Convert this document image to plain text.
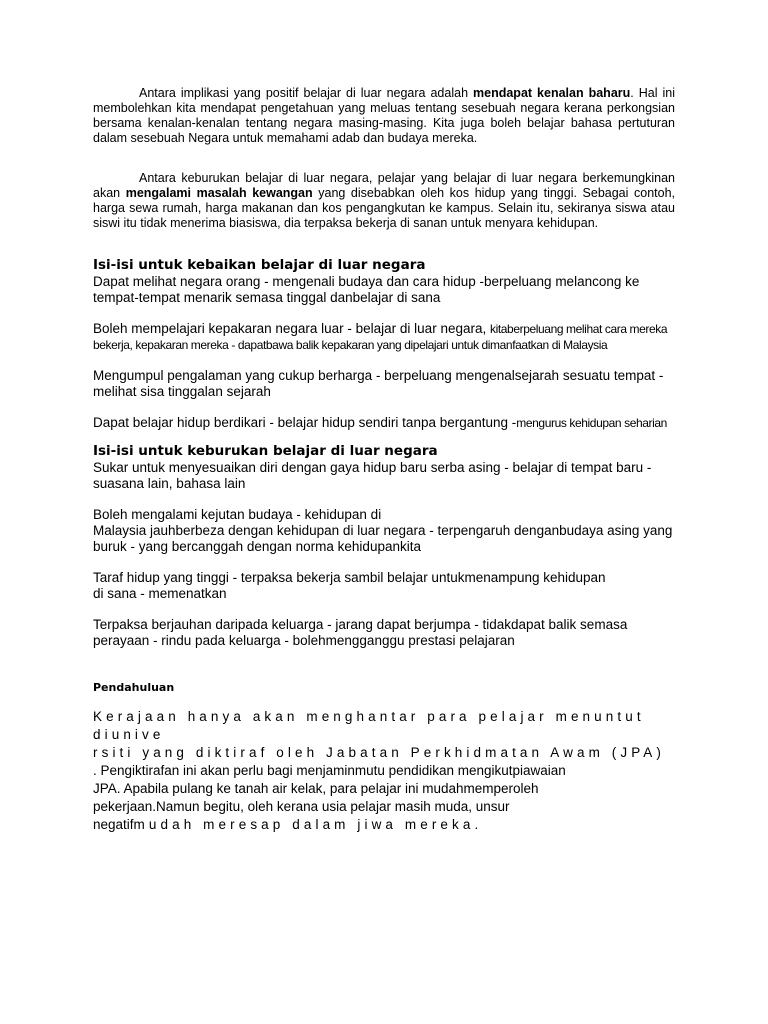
Antara implikasi yang positif belajar di luar negara adalah mendapat kenalan baharu. Hal ini membolehkan kita mendapat pengetahuan yang meluas tentang sesebuah negara kerana perkongsian bersama kenalan-kenalan tentang negara masing-masing. Kita juga boleh belajar bahasa pertuturan dalam sesebuah Negara untuk memahami adab dan budaya mereka.

Antara keburukan belajar di luar negara, pelajar yang belajar di luar negara berkemungkinan akan mengalami masalah kewangan yang disebabkan oleh kos hidup yang tinggi. Sebagai contoh, harga sewa rumah, harga makanan dan kos pengangkutan ke kampus. Selain itu, sekiranya siswa atau siswi itu tidak menerima biasiswa, dia terpaksa bekerja di sanan untuk menyara kehidupan.

Isi-isi untuk kebaikan belajar di luar negara

Dapat melihat negara orang - mengenali budaya dan cara hidup -berpeluang melancong ke tempat-tempat menarik semasa tinggal danbelajar di sana

Boleh mempelajari kepakaran negara luar - belajar di luar negara, kitaberpeluang melihat cara mereka bekerja, kepakaran mereka - dapatbawa balik kepakaran yang dipelajari untuk dimanfaatkan di Malaysia

Mengumpul pengalaman yang cukup berharga - berpeluang mengenalsejarah sesuatu tempat - melihat sisa tinggalan sejarah

Dapat belajar hidup berdikari - belajar hidup sendiri tanpa bergantung -mengurus kehidupan seharian

Isi-isi untuk keburukan belajar di luar negara

Sukar untuk menyesuaikan diri dengan gaya hidup baru serba asing - belajar di tempat baru - suasana lain, bahasa lain

Boleh mengalami kejutan budaya - kehidupan di

Malaysia jauhberbeza dengan kehidupan di luar negara - terpengaruh denganbudaya asing yang buruk - yang bercanggah dengan norma kehidupankita

Taraf hidup yang tinggi - terpaksa bekerja sambil belajar untukmenampung kehidupan

di sana - memenatkan

Terpaksa berjauhan daripada keluarga - jarang dapat berjumpa - tidakdapat balik semasa perayaan - rindu pada keluarga - bolehmengganggu prestasi pelajaran

Pendahuluan

Kerajaan hanya akan menghantar para pelajar menuntut diunive

rsiti yang diktiraf oleh Jabatan Perkhidmatan Awam (JPA)

. Pengiktirafan ini akan perlu bagi menjaminmutu pendidikan mengikutpiawaian

JPA. Apabila pulang ke tanah air kelak, para pelajar ini mudahmemperoleh

pekerjaan.Namun begitu, oleh kerana usia pelajar masih muda, unsur

negatifmudah meresap dalam jiwa mereka.
